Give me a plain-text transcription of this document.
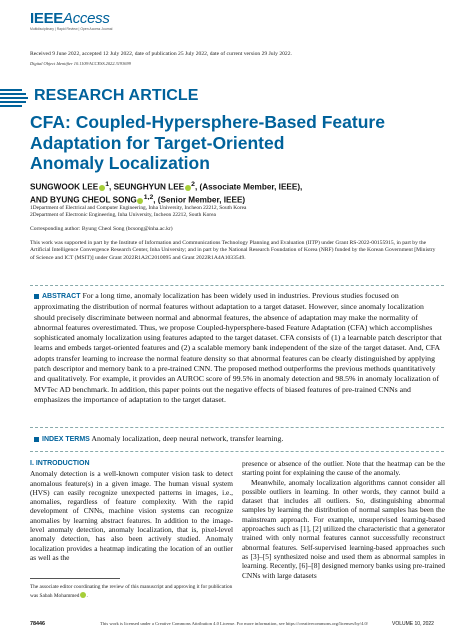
IEEEAccess
Multidisciplinary | Rapid Review | Open Access Journal
Received 9 June 2022, accepted 12 July 2022, date of publication 25 July 2022, date of current version 29 July 2022.
Digital Object Identifier 10.1109/ACCESS.2022.3193699
RESEARCH ARTICLE
CFA: Coupled-Hypersphere-Based Feature
Adaptation for Target-Oriented
Anomaly Localization
SUNGWOOK LEE $^1$, SEUNGHYUN LEE $^2$, (Associate Member, IEEE),
AND BYUNG CHEOL SONG $^{1,2}$, (Senior Member, IEEE)
1Department of Electrical and Computer Engineering, Inha University, Incheon 22212, South Korea
2Department of Electronic Engineering, Inha University, Incheon 22212, South Korea
Corresponding author: Byung Cheol Song (bcsong@inha.ac.kr)
This work was supported in part by the Institute of Information and Communications Technology Planning and Evaluation (IITP) under Grant RS-2022-00155915, in part by the Artificial Intelligence Convergence Research Center, Inha University; and in part by the National Research Foundation of Korea (NRF) funded by the Korean Government [Ministry of Science and ICT (MSIT)] under Grant 2022R1A2C2010095 and Grant 2022R1A4A1033549.
ABSTRACT For a long time, anomaly localization has been widely used in industries. Previous studies focused on approximating the distribution of normal features without adaptation to a target dataset. However, since anomaly localization should precisely discriminate between normal and abnormal features, the absence of adaptation may make the normality of abnormal features overestimated. Thus, we propose Coupled-hypersphere-based Feature Adaptation (CFA) which accomplishes sophisticated anomaly localization using features adapted to the target dataset. CFA consists of (1) a learnable patch descriptor that learns and embeds target-oriented features and (2) a scalable memory bank independent of the size of the target dataset. And, CFA adopts transfer learning to increase the normal feature density so that abnormal features can be clearly distinguished by applying patch descriptor and memory bank to a pre-trained CNN. The proposed method outperforms the previous methods quantitatively and qualitatively. For example, it provides an AUROC score of 99.5% in anomaly detection and 98.5% in anomaly localization of MVTec AD benchmark. In addition, this paper points out the negative effects of biased features of pre-trained CNNs and emphasizes the importance of adaptation to the target dataset.
INDEX TERMS Anomaly localization, deep neural network, transfer learning.
I. INTRODUCTION
Anomaly detection is a well-known computer vision task to detect anomalous feature(s) in a given image. The human visual system (HVS) can easily recognize unexpected patterns in images, i.e., anomalies, regardless of feature complexity. With the rapid development of CNNs, machine vision systems can recognize anomalies by learning abstract features. In addition to the image-level anomaly detection, anomaly localization, that is, pixel-level anomaly detection, has also been actively studied. Anomaly localization provides a heatmap indicating the location of an outlier as well as the
presence or absence of the outlier. Note that the heatmap can be the starting point for explaining the cause of the anomaly.
Meanwhile, anomaly localization algorithms cannot consider all possible outliers in learning. In other words, they cannot build a dataset that includes all outliers. So, distinguishing abnormal samples by learning the distribution of normal samples has been the mainstream approach. For example, unsupervised learning-based approaches such as [1], [2] utilized the characteristic that a generator trained with only normal features cannot successfully reconstruct abnormal features. Self-supervised learning-based approaches such as [3]–[5] synthesized noise and used them as abnormal samples in learning. Recently, [6]–[8] designed memory banks using pre-trained CNNs with large datasets
The associate editor coordinating the review of this manuscript and approving it for publication was Sabah Mohammed .
78446	This work is licensed under a Creative Commons Attribution 4.0 License. For more information, see https://creativecommons.org/licenses/by/4.0/	VOLUME 10, 2022
